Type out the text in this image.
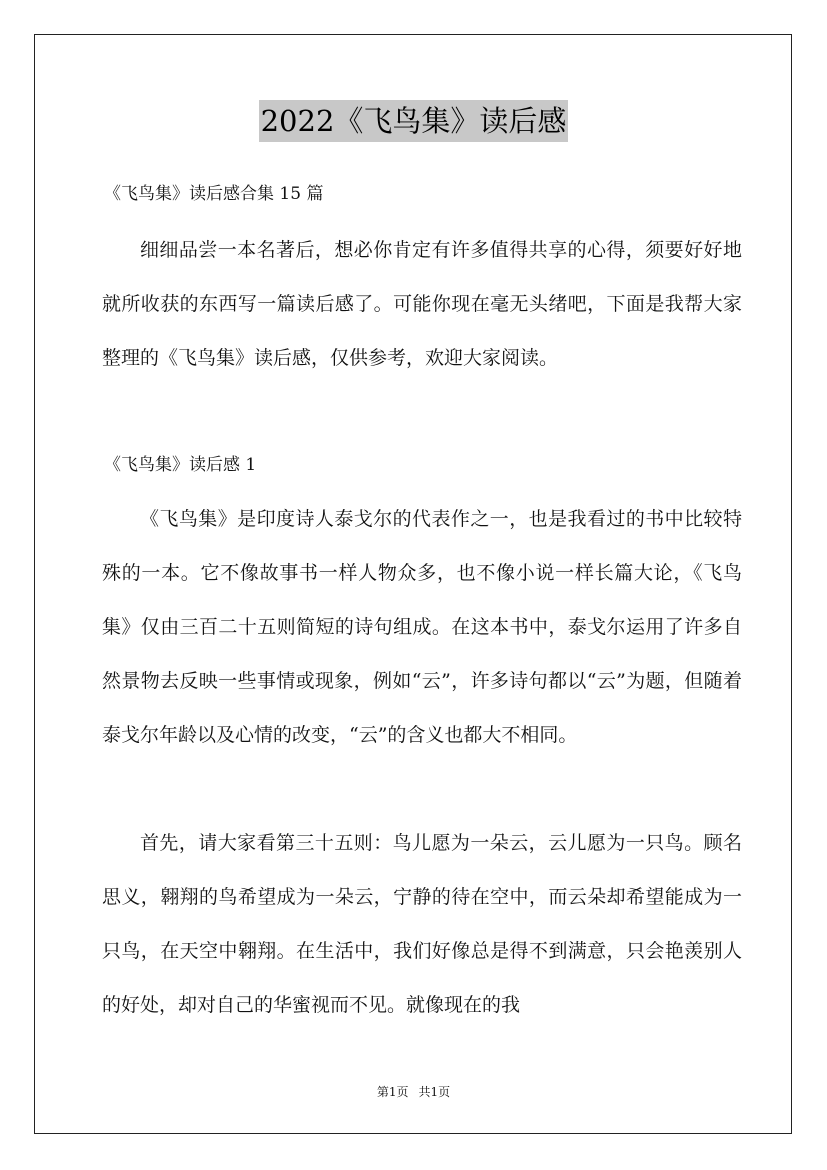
2022《飞鸟集》读后感
《飞鸟集》读后感合集 15 篇

细细品尝一本名著后，想必你肯定有许多值得共享的心得，须要好好地就所收获的东西写一篇读后感了。可能你现在毫无头绪吧，下面是我帮大家整理的《飞鸟集》读后感，仅供参考，欢迎大家阅读。

《飞鸟集》读后感 1

《飞鸟集》是印度诗人泰戈尔的代表作之一，也是我看过的书中比较特殊的一本。它不像故事书一样人物众多，也不像小说一样长篇大论，《飞鸟集》仅由三百二十五则简短的诗句组成。在这本书中，泰戈尔运用了许多自然景物去反映一些事情或现象，例如“云”，许多诗句都以“云”为题，但随着泰戈尔年龄以及心情的改变，“云”的含义也都大不相同。

首先，请大家看第三十五则：鸟儿愿为一朵云，云儿愿为一只鸟。顾名思义，翱翔的鸟希望成为一朵云，宁静的待在空中，而云朵却希望能成为一只鸟，在天空中翱翔。在生活中，我们好像总是得不到满意，只会艳羡别人的好处，却对自己的华蜜视而不见。就像现在的我

第1页 共1页
